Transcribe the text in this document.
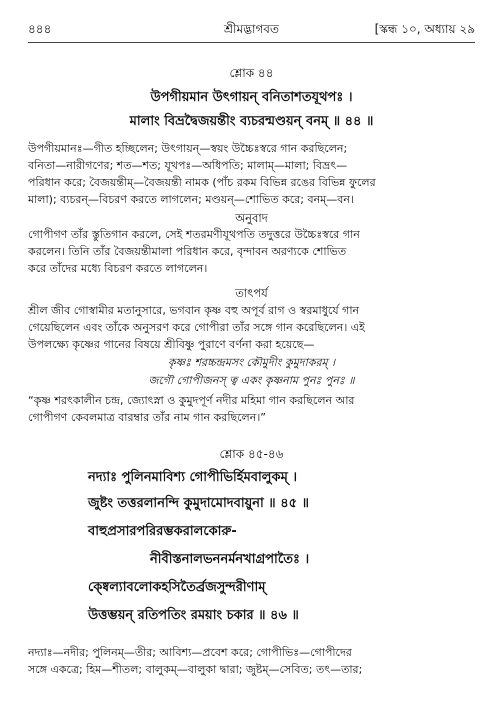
৪৪৪	শ্রীমদ্ভাগবত	[স্কন্ধ ১০, অধ্যায় ২৯
শ্লোক ৪৪
উপগীয়মান উৎগায়ন্‌ বনিতাশতযূথপঃ ।
মালাং বিভ্রদ্বৈজয়ন্তীং ব্যচরন্মণ্ডয়ন্‌ বনম্‌ ॥ ৪৪ ॥
উপগীয়মানঃ—গীত হচ্ছিলেন; উৎগায়ন্‌—স্বয়ং উচ্চৈঃস্বরে গান করছিলেন;
বনিতা—নারীগণের; শত—শত; যূথপঃ—অধিপতি; মালাম্‌—মালা; বিভ্রৎ—
পরিধান করে; বৈজয়ন্তীম্‌—বৈজয়ন্তী নামক (পাঁচ রকম বিভিন্ন রঙের বিভিন্ন ফুলের
মালা); ব্যচরন্‌—বিচরণ করতে লাগলেন; মণ্ডয়ন্‌—শোভিত করে; বনম্‌—বন।
অনুবাদ
গোপীগণ তাঁর স্তুতিগান করলে, সেই শতরমণীযূথপতি তদুত্তরে উচ্চৈঃস্বরে গান
করলেন। তিনি তাঁর বৈজয়ন্তীমালা পরিধান করে, বৃন্দাবন অরণ্যকে শোভিত
করে তাঁদের মধ্যে বিচরণ করতে লাগলেন।
তাৎপর্য
শ্রীল জীব গোস্বামীর মতানুসারে, ভগবান কৃষ্ণ বহু অপূর্ব রাগ ও স্বরমাধুর্যে গান
গেয়েছিলেন এবং তাঁকে অনুসরণ করে গোপীরা তাঁর সঙ্গে গান করেছিলেন। এই
উপলক্ষ্যে কৃষ্ণের গানের বিষয়ে শ্রীবিষ্ণু পুরাণে বর্ণনা করা হয়েছে—
কৃষ্ণঃ শরচ্চন্দ্রমসং কৌমুদীং কুমুদাকরম্‌ ।
জগৌ গোপীজনস্‌ ত্ব একং কৃষ্ণনাম পুনঃ পুনঃ ॥
“কৃষ্ণ শরৎকালীন চন্দ্র, জ্যোৎস্না ও কুমুদপূর্ণ নদীর মহিমা গান করছিলেন আর
গোপীগণ কেবলমাত্র বারম্বার তাঁর নাম গান করছিলেন।”
শ্লোক ৪৫-৪৬
নদ্যাঃ পুলিনমাবিশ্য গোপীভির্হিমবালুকম্‌ ।
জুষ্টং তত্তরলানন্দি কুমুদামোদবায়ুনা ॥ ৪৫ ॥
বাহুপ্রসারপরিরম্ভকরালকোরু-
নীবীস্তনালভননর্মনখাগ্রপাতৈঃ ।
ক্ষ্বেল্যাবলোকহসিতৈর্ব্রজসুন্দরীণাম্‌
উত্তম্ভয়ন্‌ রতিপতিং রময়াং চকার ॥ ৪৬ ॥
নদ্যাঃ—নদীর; পুলিনম্‌—তীর; আবিশ্য—প্রবেশ করে; গোপীভিঃ—গোপীদের
সঙ্গে একত্রে; হিম—শীতল; বালুকম্‌—বালুকা দ্বারা; জুষ্টম্‌—সেবিত; তৎ—তার;
